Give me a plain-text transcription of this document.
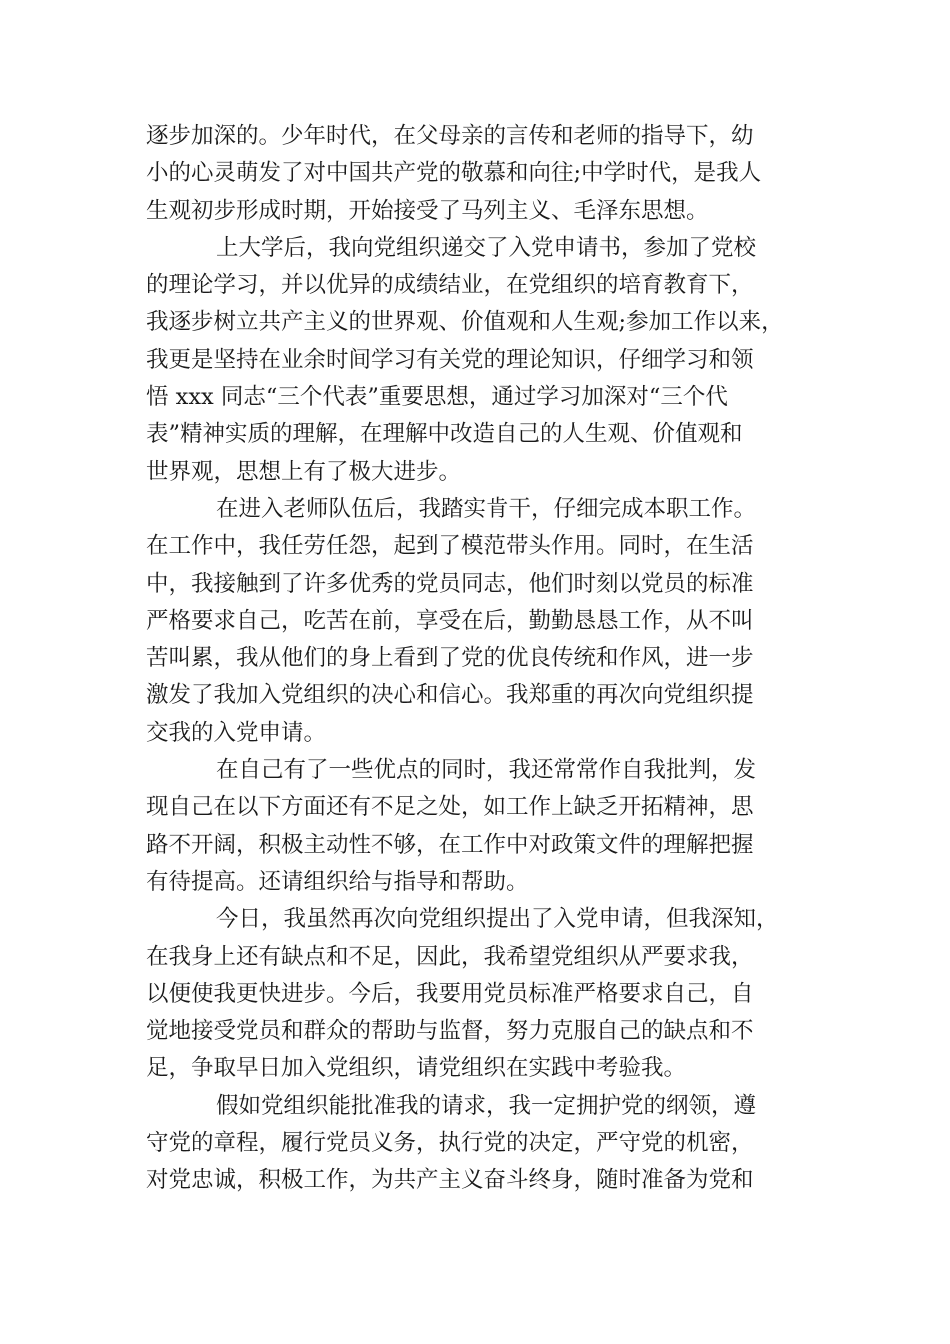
逐步加深的。少年时代，在父母亲的言传和老师的指导下，幼
小的心灵萌发了对中国共产党的敬慕和向往;中学时代，是我人
生观初步形成时期，开始接受了马列主义、毛泽东思想。
上大学后，我向党组织递交了入党申请书，参加了党校
的理论学习，并以优异的成绩结业，在党组织的培育教育下，
我逐步树立共产主义的世界观、价值观和人生观;参加工作以来，
我更是坚持在业余时间学习有关党的理论知识，仔细学习和领
悟 xxx 同志“三个代表”重要思想，通过学习加深对“三个代
表”精神实质的理解，在理解中改造自己的人生观、价值观和
世界观，思想上有了极大进步。
在进入老师队伍后，我踏实肯干，仔细完成本职工作。
在工作中，我任劳任怨，起到了模范带头作用。同时，在生活
中，我接触到了许多优秀的党员同志，他们时刻以党员的标准
严格要求自己，吃苦在前，享受在后，勤勤恳恳工作，从不叫
苦叫累，我从他们的身上看到了党的优良传统和作风，进一步
激发了我加入党组织的决心和信心。我郑重的再次向党组织提
交我的入党申请。
在自己有了一些优点的同时，我还常常作自我批判，发
现自己在以下方面还有不足之处，如工作上缺乏开拓精神，思
路不开阔，积极主动性不够，在工作中对政策文件的理解把握
有待提高。还请组织给与指导和帮助。
今日，我虽然再次向党组织提出了入党申请，但我深知，
在我身上还有缺点和不足，因此，我希望党组织从严要求我，
以便使我更快进步。今后，我要用党员标准严格要求自己，自
觉地接受党员和群众的帮助与监督，努力克服自己的缺点和不
足，争取早日加入党组织，请党组织在实践中考验我。
假如党组织能批准我的请求，我一定拥护党的纲领，遵
守党的章程，履行党员义务，执行党的决定，严守党的机密，
对党忠诚，积极工作，为共产主义奋斗终身，随时准备为党和
